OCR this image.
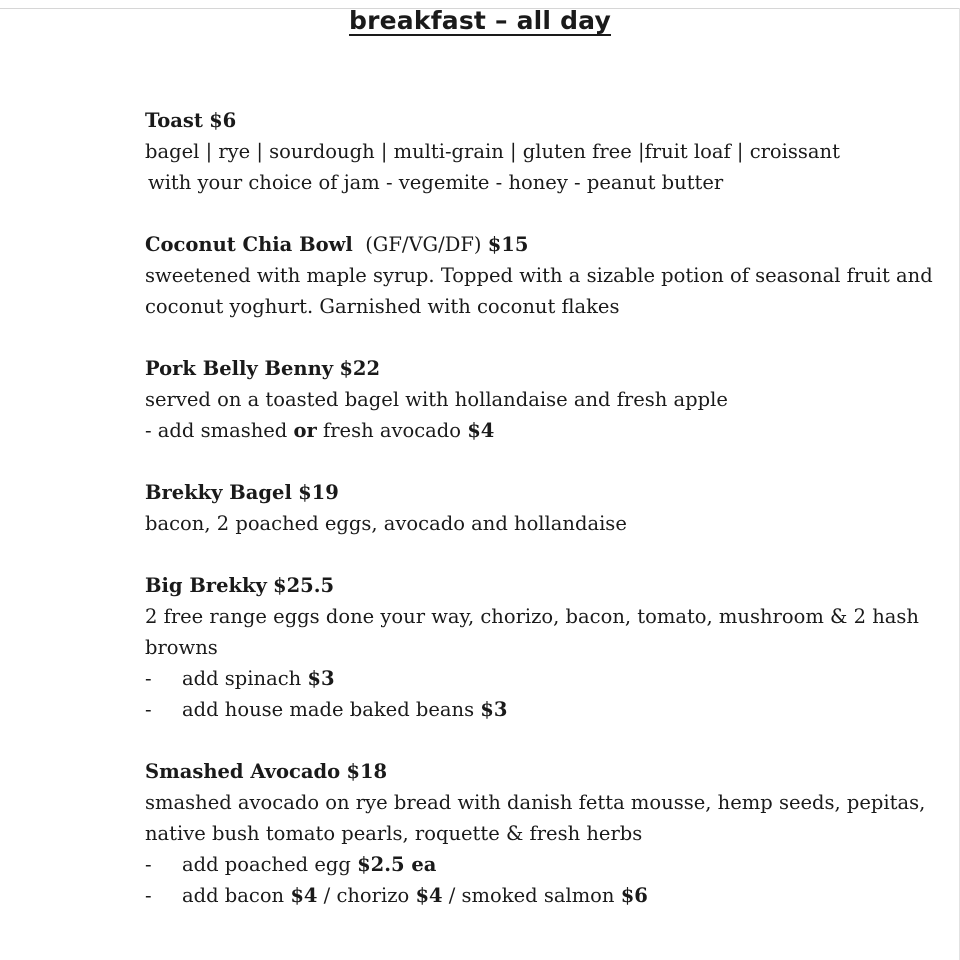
breakfast – all day

Toast $6

bagel | rye | sourdough | multi-grain | gluten free |fruit loaf | croissant

with your choice of jam - vegemite - honey - peanut butter

Coconut Chia Bowl (GF/VG/DF) $15

sweetened with maple syrup. Topped with a sizable potion of seasonal fruit and coconut yoghurt. Garnished with coconut flakes

Pork Belly Benny $22

served on a toasted bagel with hollandaise and fresh apple

- add smashed or fresh avocado $4

Brekky Bagel $19

bacon, 2 poached eggs, avocado and hollandaise

Big Brekky $25.5

2 free range eggs done your way, chorizo, bacon, tomato, mushroom & 2 hash browns

-	add spinach $3
-	add house made baked beans $3

Smashed Avocado $18

smashed avocado on rye bread with danish fetta mousse, hemp seeds, pepitas, native bush tomato pearls, roquette & fresh herbs

-	add poached egg $2.5 ea
-	add bacon $4 / chorizo $4 / smoked salmon $6
